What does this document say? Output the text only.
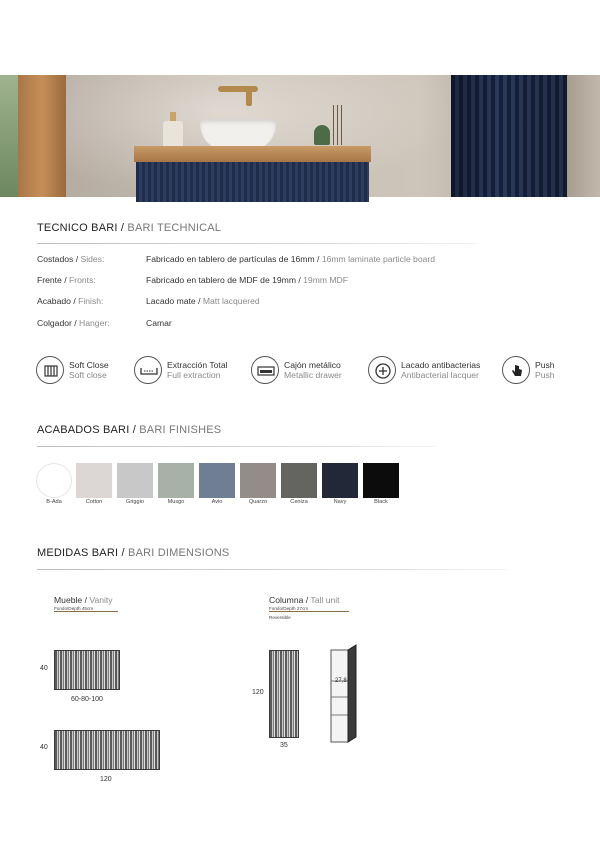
BARI
TECNICO BARI / BARI TECHNICAL
Costados / Sides:	Fabricado en tablero de partículas de 16mm / 16mm laminate particle board
Frente / Fronts:	Fabricado en tablero de MDF de 19mm / 19mm MDF
Acabado / Finish:	Lacado mate / Matt lacquered
Colgador / Hanger:	Camar
Soft Close
Soft close
Extracción Total
Full extraction
Cajón metálico
Metallic drawer
Lacado antibacterias
Antibacterial lacquer
Push
Push
ACABADOS BARI / BARI FINISHES
B-Ada	Cotton	Griggio	Musgo	Avio	Quarzo	Ceniza	Navy	Black
MEDIDAS BARI / BARI DIMENSIONS
Mueble / Vanity
Fondo/Depth 45cm
40
60-80-100
40
120
Columna / Tall unit
Fondo/Depth 27cm
Reversible
120
35
27,8
